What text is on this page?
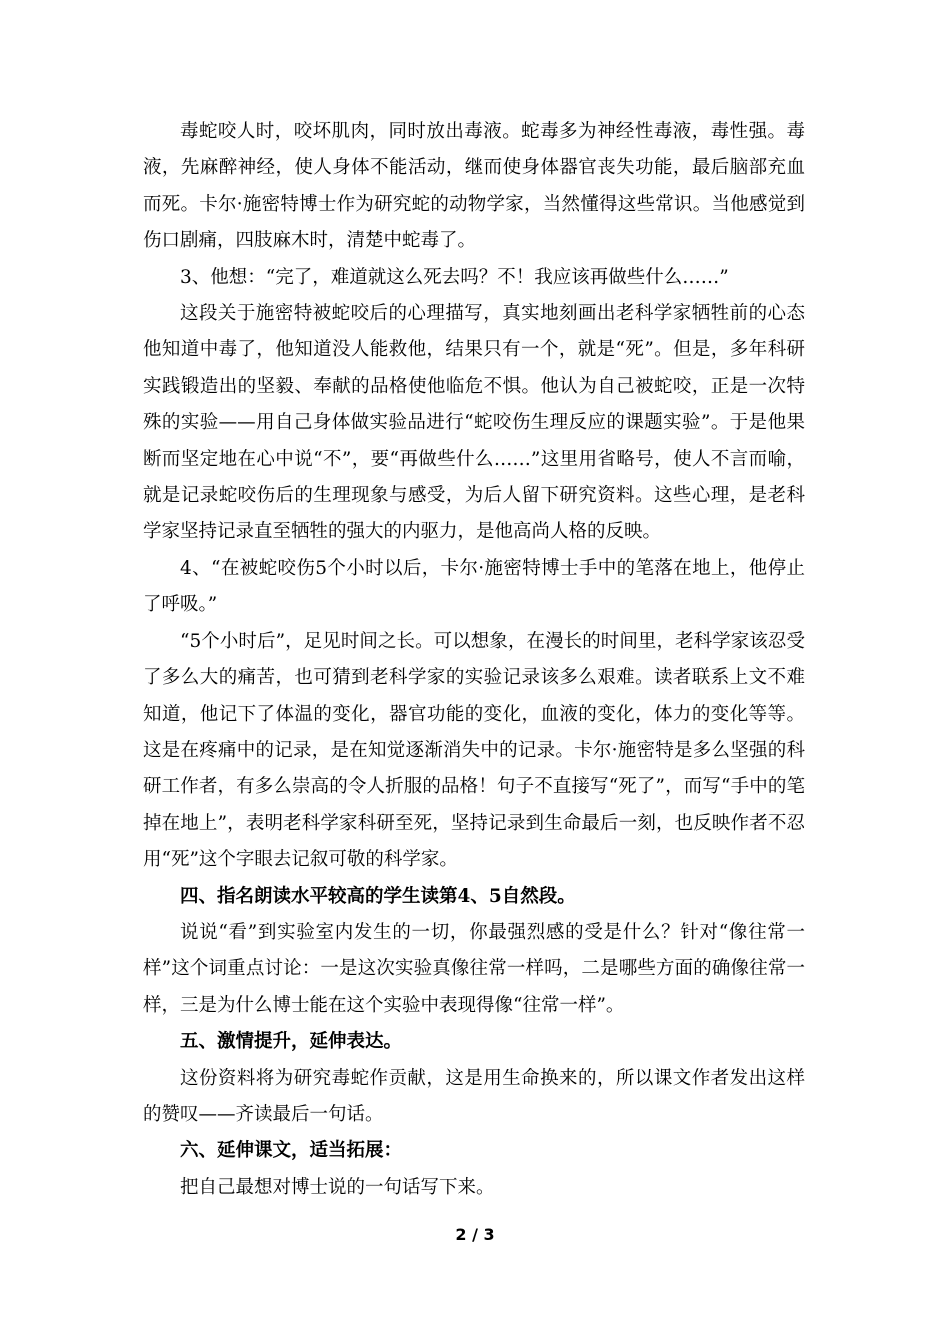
毒蛇咬人时，咬坏肌肉，同时放出毒液。蛇毒多为神经性毒液，毒性强。毒液，先麻醉神经，使人身体不能活动，继而使身体器官丧失功能，最后脑部充血而死。卡尔·施密特博士作为研究蛇的动物学家，当然懂得这些常识。当他感觉到伤口剧痛，四肢麻木时，清楚中蛇毒了。

3、他想：“完了，难道就这么死去吗？不！我应该再做些什么……”

这段关于施密特被蛇咬后的心理描写，真实地刻画出老科学家牺牲前的心态他知道中毒了，他知道没人能救他，结果只有一个，就是“死”。但是，多年科研实践锻造出的坚毅、奉献的品格使他临危不惧。他认为自己被蛇咬，正是一次特殊的实验——用自己身体做实验品进行“蛇咬伤生理反应的课题实验”。于是他果断而坚定地在心中说“不”，要“再做些什么……”这里用省略号，使人不言而喻，就是记录蛇咬伤后的生理现象与感受，为后人留下研究资料。这些心理，是老科学家坚持记录直至牺牲的强大的内驱力，是他高尚人格的反映。

4、“在被蛇咬伤5个小时以后，卡尔·施密特博士手中的笔落在地上，他停止了呼吸。”

“5个小时后”，足见时间之长。可以想象，在漫长的时间里，老科学家该忍受了多么大的痛苦，也可猜到老科学家的实验记录该多么艰难。读者联系上文不难知道，他记下了体温的变化，器官功能的变化，血液的变化，体力的变化等等。这是在疼痛中的记录，是在知觉逐渐消失中的记录。卡尔·施密特是多么坚强的科研工作者，有多么崇高的令人折服的品格！句子不直接写“死了”，而写“手中的笔掉在地上”，表明老科学家科研至死，坚持记录到生命最后一刻，也反映作者不忍用“死”这个字眼去记叙可敬的科学家。

四、指名朗读水平较高的学生读第4、5自然段。

说说“看”到实验室内发生的一切，你最强烈感的受是什么？针对“像往常一样”这个词重点讨论：一是这次实验真像往常一样吗，二是哪些方面的确像往常一样，三是为什么博士能在这个实验中表现得像“往常一样”。

五、激情提升，延伸表达。

这份资料将为研究毒蛇作贡献，这是用生命换来的，所以课文作者发出这样的赞叹——齐读最后一句话。

六、延伸课文，适当拓展：

把自己最想对博士说的一句话写下来。

2 / 3
